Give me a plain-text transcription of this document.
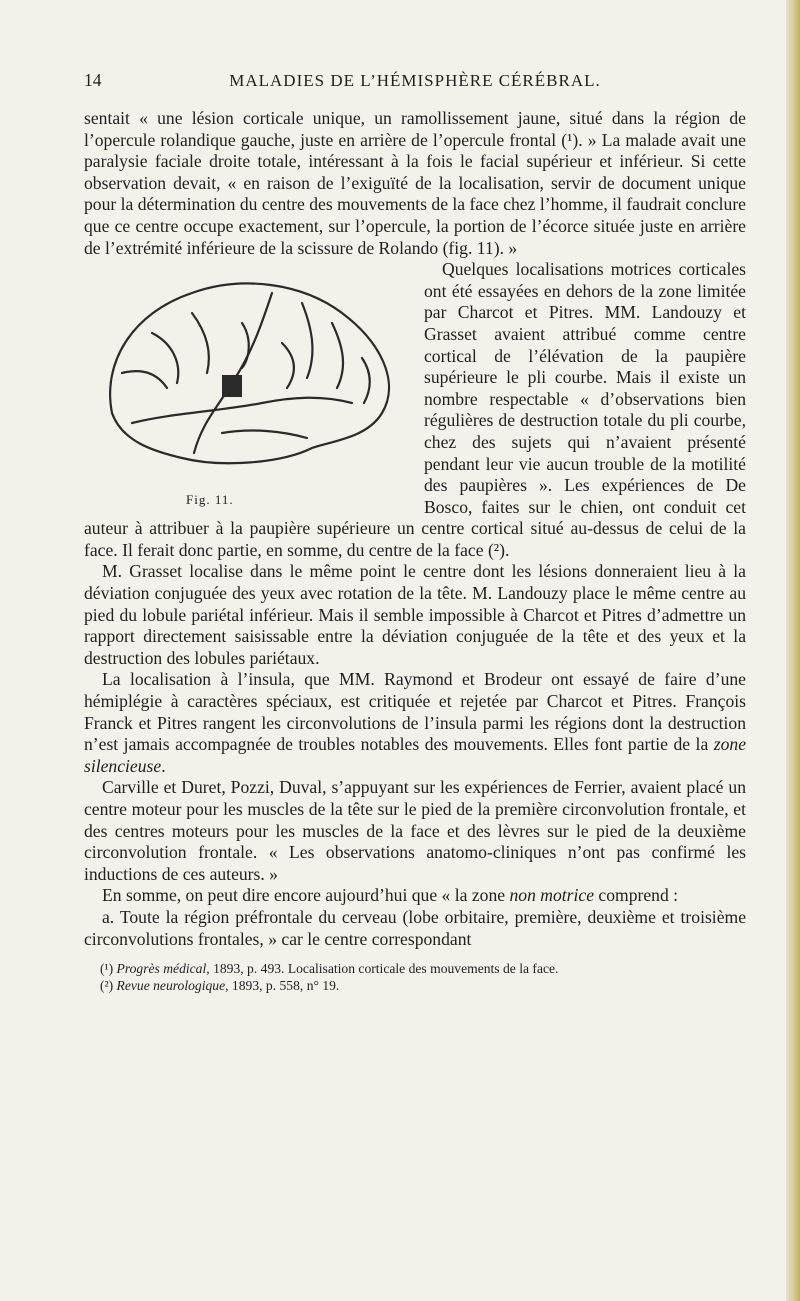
14	MALADIES DE L’HÉMISPHÈRE CÉRÉBRAL.

sentait « une lésion corticale unique, un ramollissement jaune, situé dans la région de l’opercule rolandique gauche, juste en arrière de l’opercule frontal (¹). » La malade avait une paralysie faciale droite totale, intéressant à la fois le facial supérieur et inférieur. Si cette observation devait, « en raison de l’exiguïté de la localisation, servir de document unique pour la détermination du centre des mouvements de la face chez l’homme, il faudrait conclure que ce centre occupe exactement, sur l’opercule, la portion de l’écorce située juste en arrière de l’extrémité inférieure de la scissure de Rolando (fig. 11). »

Fig. 11.

Quelques localisations motrices corticales ont été essayées en dehors de la zone limitée par Charcot et Pitres. MM. Landouzy et Grasset avaient attribué comme centre cortical de l’élévation de la paupière supérieure le pli courbe. Mais il existe un nombre respectable « d’observations bien régulières de destruction totale du pli courbe, chez des sujets qui n’avaient présenté pendant leur vie aucun trouble de la motilité des paupières ». Les expériences de De Bosco, faites sur le chien, ont conduit cet auteur à attribuer à la paupière supérieure un centre cortical situé au-dessus de celui de la face. Il ferait donc partie, en somme, du centre de la face (²).

M. Grasset localise dans le même point le centre dont les lésions donneraient lieu à la déviation conjuguée des yeux avec rotation de la tête. M. Landouzy place le même centre au pied du lobule pariétal inférieur. Mais il semble impossible à Charcot et Pitres d’admettre un rapport directement saisissable entre la déviation conjuguée de la tête et des yeux et la destruction des lobules pariétaux.

La localisation à l’insula, que MM. Raymond et Brodeur ont essayé de faire d’une hémiplégie à caractères spéciaux, est critiquée et rejetée par Charcot et Pitres. François Franck et Pitres rangent les circonvolutions de l’insula parmi les régions dont la destruction n’est jamais accompagnée de troubles notables des mouvements. Elles font partie de la zone silencieuse.

Carville et Duret, Pozzi, Duval, s’appuyant sur les expériences de Ferrier, avaient placé un centre moteur pour les muscles de la tête sur le pied de la première circonvolution frontale, et des centres moteurs pour les muscles de la face et des lèvres sur le pied de la deuxième circonvolution frontale. « Les observations anatomo-cliniques n’ont pas confirmé les inductions de ces auteurs. »

En somme, on peut dire encore aujourd’hui que « la zone non motrice comprend :

a. Toute la région préfrontale du cerveau (lobe orbitaire, première, deuxième et troisième circonvolutions frontales, » car le centre correspondant

(¹) Progrès médical, 1893, p. 493. Localisation corticale des mouvements de la face.

(²) Revue neurologique, 1893, p. 558, n° 19.
